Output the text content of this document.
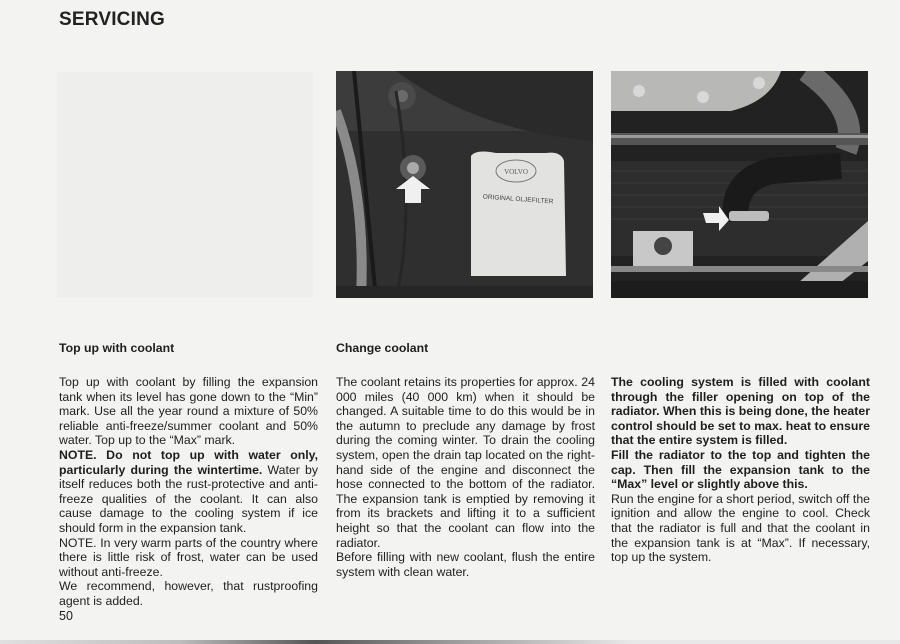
SERVICING
VOLVO
ORIGINAL OLJEFILTER
Top up with coolant	Change coolant

Top up with coolant by filling the expansion tank when its level has gone down to the “Min” mark. Use all the year round a mixture of 50% reliable anti-freeze/summer coolant and 50% water. Top up to the “Max” mark.

NOTE. Do not top up with water only, particularly during the wintertime. Water by itself reduces both the rust-protective and anti-freeze qualities of the coolant. It can also cause damage to the cooling system if ice should form in the expansion tank.

NOTE. In very warm parts of the country where there is little risk of frost, water can be used without anti-freeze.

We recommend, however, that rustproofing agent is added.

The coolant retains its properties for approx. 24 000 miles (40 000 km) when it should be changed. A suitable time to do this would be in the autumn to preclude any damage by frost during the coming winter. To drain the cooling system, open the drain tap located on the right-hand side of the engine and disconnect the hose connected to the bottom of the radiator. The expansion tank is emptied by removing it from its brackets and lifting it to a sufficient height so that the coolant can flow into the radiator.

Before filling with new coolant, flush the entire system with clean water.

The cooling system is filled with coolant through the filler opening on top of the radiator. When this is being done, the heater control should be set to max. heat to ensure that the entire system is filled.

Fill the radiator to the top and tighten the cap. Then fill the expansion tank to the “Max” level or slightly above this.

Run the engine for a short period, switch off the ignition and allow the engine to cool. Check that the radiator is full and that the coolant in the expansion tank is at “Max”. If necessary, top up the system.

50
